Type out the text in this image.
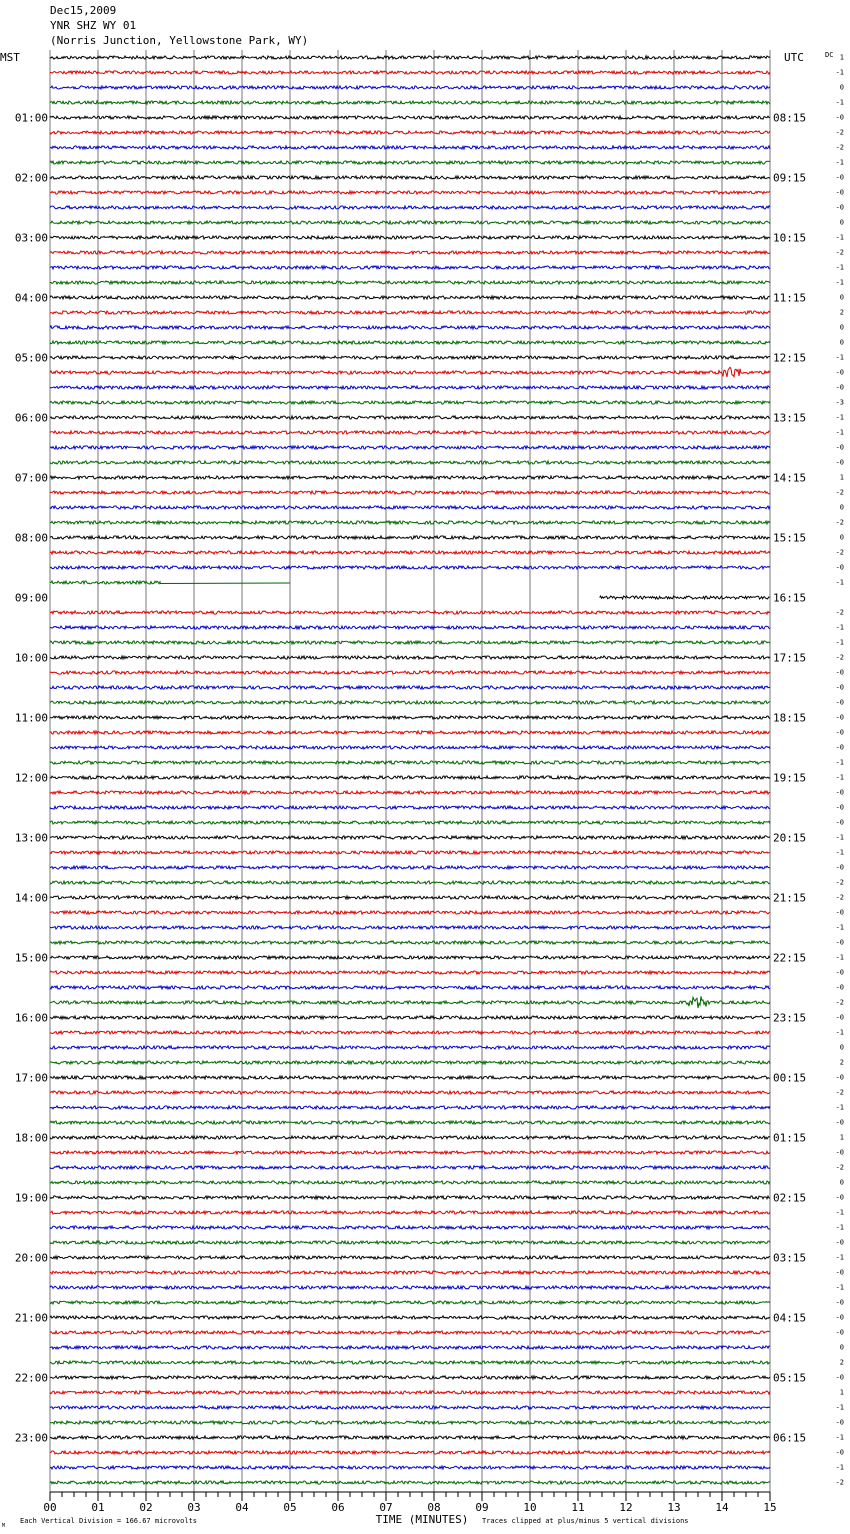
Dec15,2009
YNR SHZ WY 01
(Norris Junction, Yellowstone Park, WY)
1
-1
0
-1
-0
-2
-2
-1
-0
-0
-0
0
-1
-2
-1
-1
0
2
0
0
-1
-0
-0
-3
-1
-1
-0
-0
1
-2
0
-2
0
-2
-0
-1
-2
-1
-1
-2
-0
-0
-0
-0
-0
-0
-1
-1
-0
-0
-0
-1
-1
-0
-2
-2
-0
-1
-0
-1
-0
-0
-2
-0
-1
0
2
-0
-2
-1
-0
1
-0
-2
0
-0
-1
-1
-0
-1
-0
-1
-0
-0
-0
0
2
-0
1
-1
-0
-1
-0
-1
-2
01:00
02:00
03:00
04:00
05:00
06:00
07:00
08:00
09:00
10:00
11:00
12:00
13:00
14:00
15:00
16:00
17:00
18:00
19:00
20:00
21:00
22:00
23:00
08:15
09:15
10:15
11:15
12:15
13:15
14:15
15:15
16:15
17:15
18:15
19:15
20:15
21:15
22:15
23:15
00:15
01:15
02:15
03:15
04:15
05:15
06:15
MST	UTC	DC
00	01	02	03	04	05	06	07	08	09	10	11	12	13	14	15
TIME (MINUTES)
Each Vertical Division = 166.67 microvolts	Traces clipped at plus/minus 5 vertical divisions
M
